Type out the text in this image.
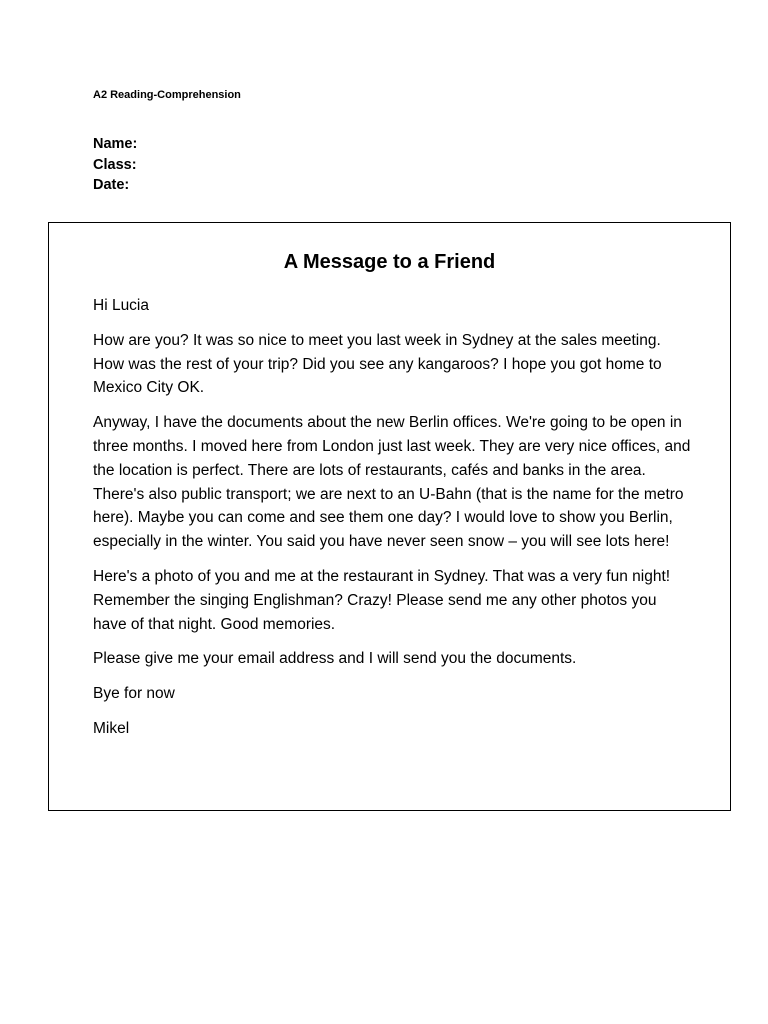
A2 Reading-Comprehension
Name:
Class:
Date:
A Message to a Friend

Hi Lucia

How are you? It was so nice to meet you last week in Sydney at the sales meeting. How was the rest of your trip? Did you see any kangaroos? I hope you got home to Mexico City OK.

Anyway, I have the documents about the new Berlin offices. We're going to be open in three months. I moved here from London just last week. They are very nice offices, and the location is perfect. There are lots of restaurants, cafés and banks in the area. There's also public transport; we are next to an U-Bahn (that is the name for the metro here). Maybe you can come and see them one day? I would love to show you Berlin, especially in the winter. You said you have never seen snow – you will see lots here!

Here's a photo of you and me at the restaurant in Sydney. That was a very fun night! Remember the singing Englishman? Crazy! Please send me any other photos you have of that night. Good memories.

Please give me your email address and I will send you the documents.

Bye for now

Mikel
